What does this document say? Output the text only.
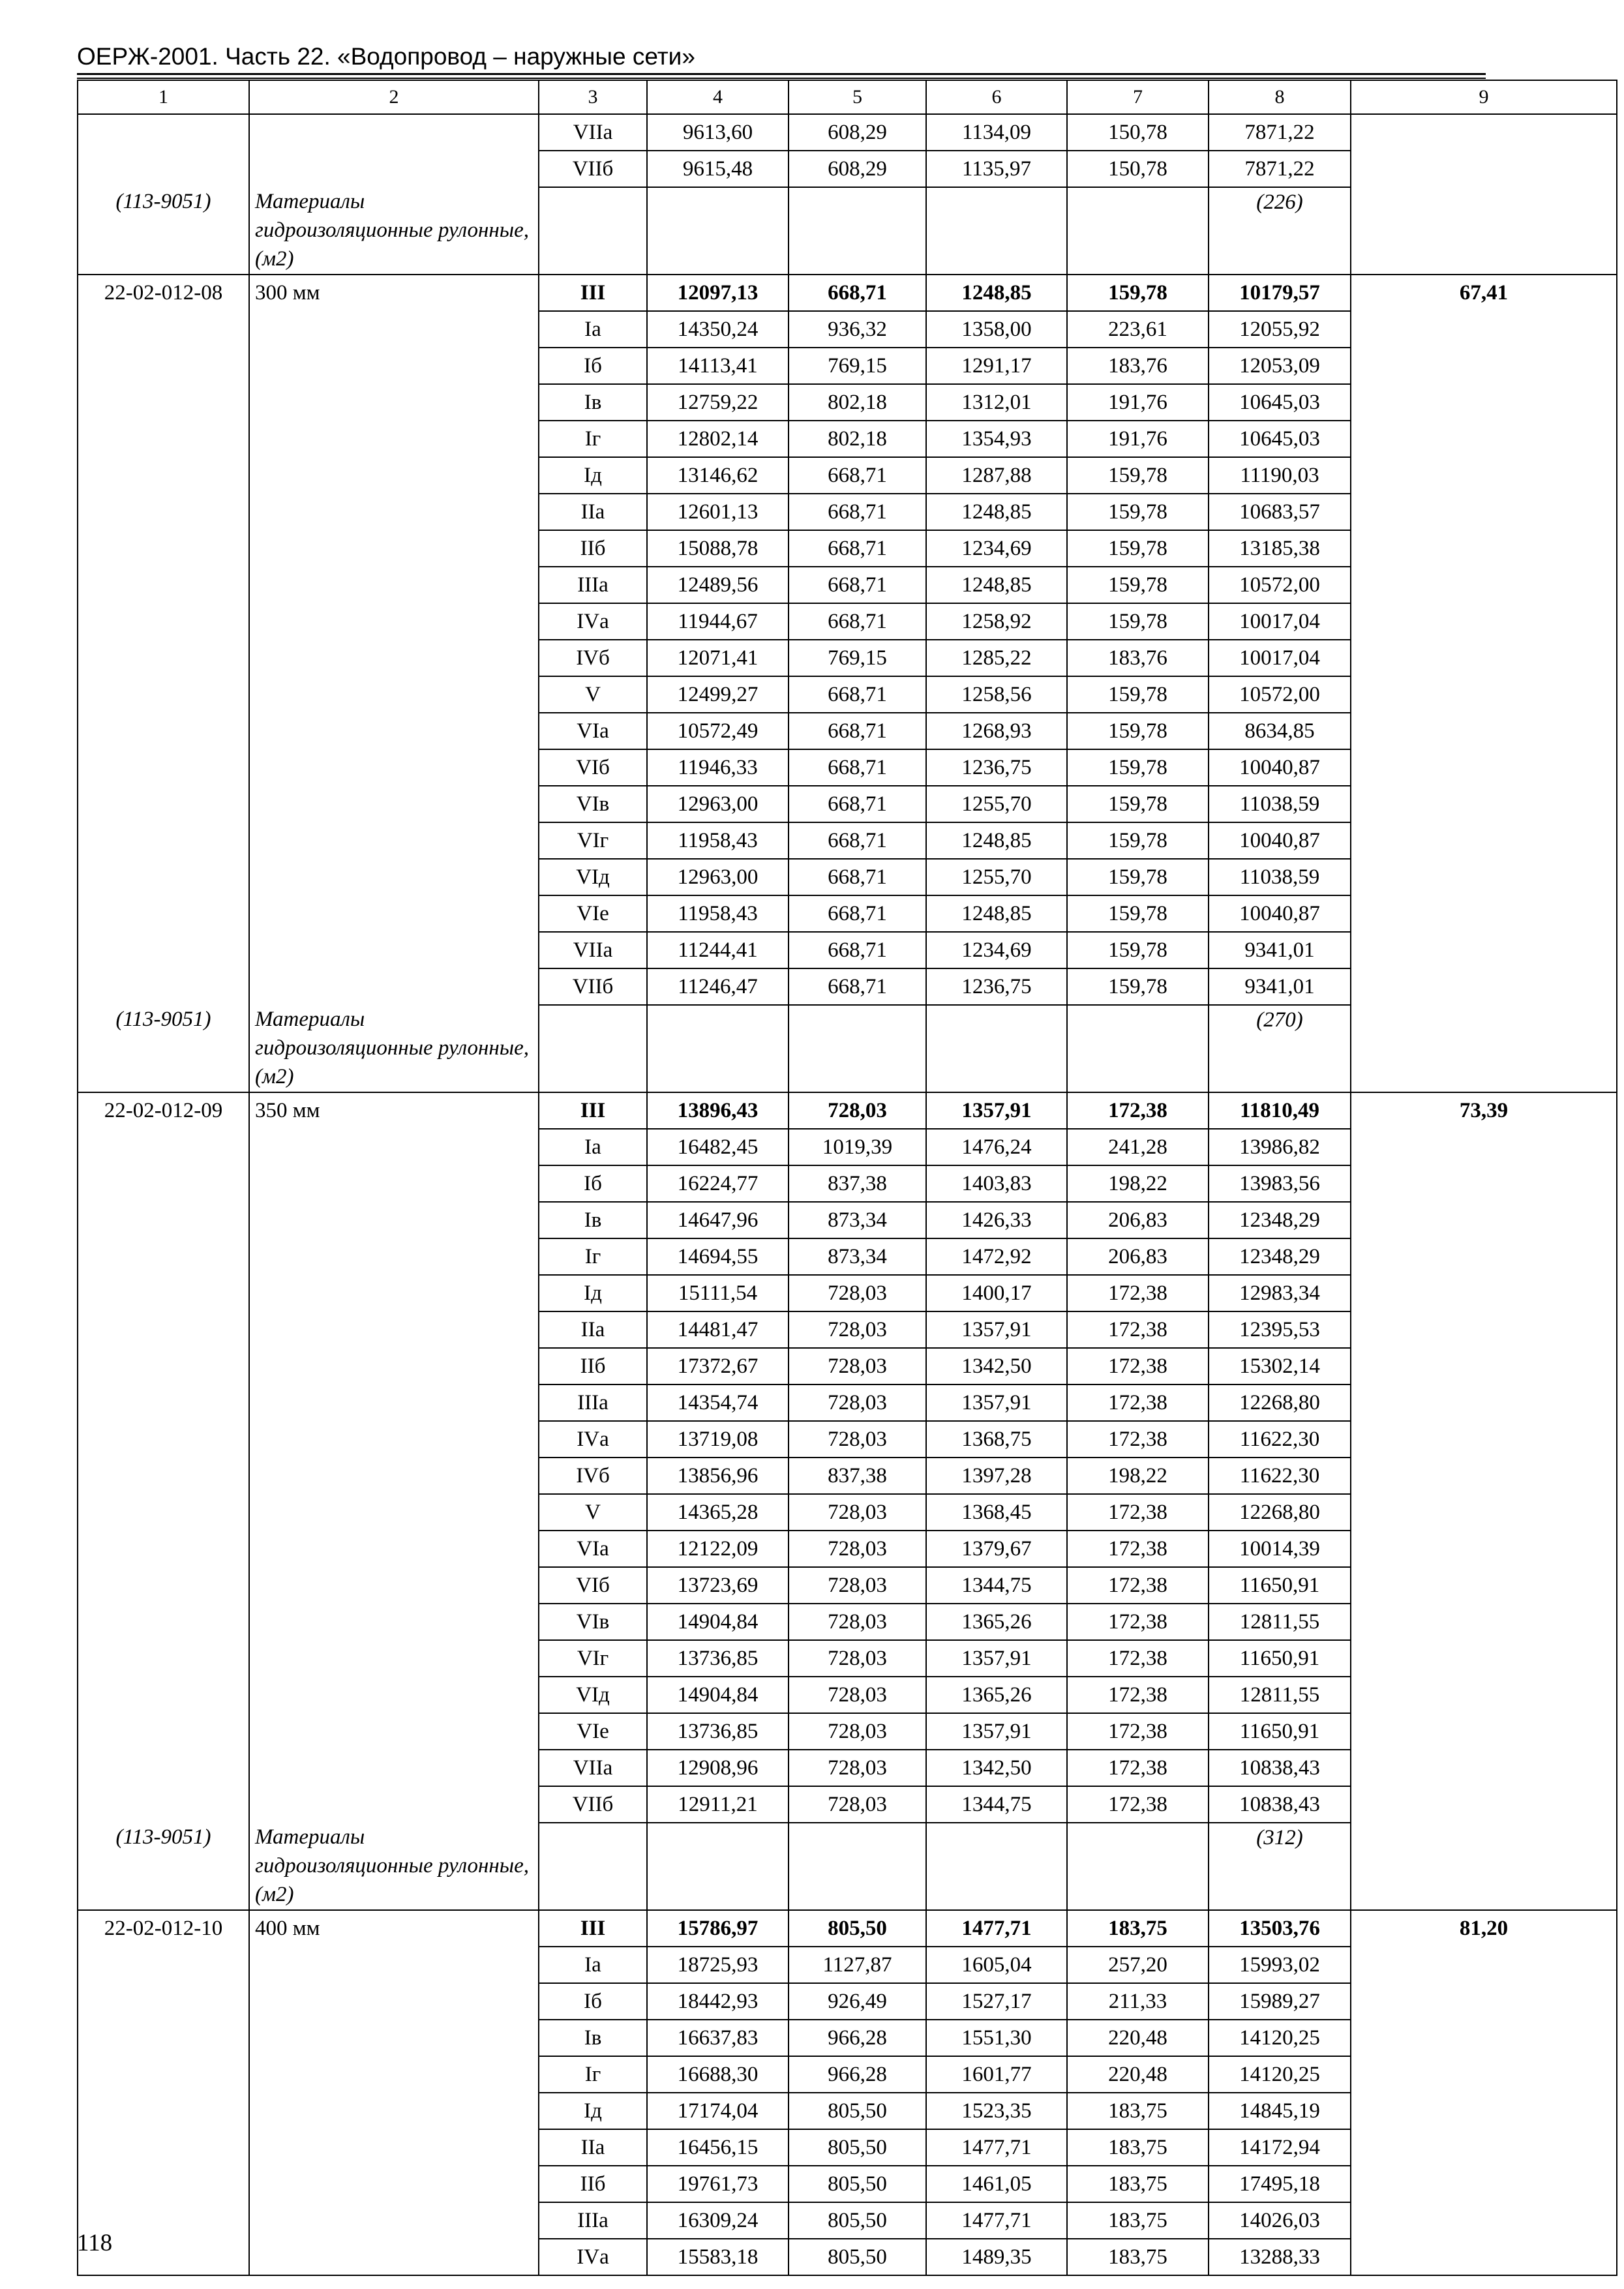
ОЕРЖ-2001. Часть 22. «Водопровод – наружные сети»
1	2	3	4	5	6	7	8	9
		VIIа	9613,60	608,29	1134,09	150,78	7871,22	
		VIIб	9615,48	608,29	1135,97	150,78	7871,22	
(113-9051)	Материалы гидроизоляционные рулонные, (м2)						(226)	
22-02-012-08	300 мм	III	12097,13	668,71	1248,85	159,78	10179,57	67,41
		Iа	14350,24	936,32	1358,00	223,61	12055,92	
		Iб	14113,41	769,15	1291,17	183,76	12053,09	
		Iв	12759,22	802,18	1312,01	191,76	10645,03	
		Iг	12802,14	802,18	1354,93	191,76	10645,03	
		Iд	13146,62	668,71	1287,88	159,78	11190,03	
		IIа	12601,13	668,71	1248,85	159,78	10683,57	
		IIб	15088,78	668,71	1234,69	159,78	13185,38	
		IIIа	12489,56	668,71	1248,85	159,78	10572,00	
		IVа	11944,67	668,71	1258,92	159,78	10017,04	
		IVб	12071,41	769,15	1285,22	183,76	10017,04	
		V	12499,27	668,71	1258,56	159,78	10572,00	
		VIа	10572,49	668,71	1268,93	159,78	8634,85	
		VIб	11946,33	668,71	1236,75	159,78	10040,87	
		VIв	12963,00	668,71	1255,70	159,78	11038,59	
		VIг	11958,43	668,71	1248,85	159,78	10040,87	
		VIд	12963,00	668,71	1255,70	159,78	11038,59	
		VIе	11958,43	668,71	1248,85	159,78	10040,87	
		VIIа	11244,41	668,71	1234,69	159,78	9341,01	
		VIIб	11246,47	668,71	1236,75	159,78	9341,01	
(113-9051)	Материалы гидроизоляционные рулонные, (м2)						(270)	
22-02-012-09	350 мм	III	13896,43	728,03	1357,91	172,38	11810,49	73,39
		Iа	16482,45	1019,39	1476,24	241,28	13986,82	
		Iб	16224,77	837,38	1403,83	198,22	13983,56	
		Iв	14647,96	873,34	1426,33	206,83	12348,29	
		Iг	14694,55	873,34	1472,92	206,83	12348,29	
		Iд	15111,54	728,03	1400,17	172,38	12983,34	
		IIа	14481,47	728,03	1357,91	172,38	12395,53	
		IIб	17372,67	728,03	1342,50	172,38	15302,14	
		IIIа	14354,74	728,03	1357,91	172,38	12268,80	
		IVа	13719,08	728,03	1368,75	172,38	11622,30	
		IVб	13856,96	837,38	1397,28	198,22	11622,30	
		V	14365,28	728,03	1368,45	172,38	12268,80	
		VIа	12122,09	728,03	1379,67	172,38	10014,39	
		VIб	13723,69	728,03	1344,75	172,38	11650,91	
		VIв	14904,84	728,03	1365,26	172,38	12811,55	
		VIг	13736,85	728,03	1357,91	172,38	11650,91	
		VIд	14904,84	728,03	1365,26	172,38	12811,55	
		VIе	13736,85	728,03	1357,91	172,38	11650,91	
		VIIа	12908,96	728,03	1342,50	172,38	10838,43	
		VIIб	12911,21	728,03	1344,75	172,38	10838,43	
(113-9051)	Материалы гидроизоляционные рулонные, (м2)						(312)	
22-02-012-10	400 мм	III	15786,97	805,50	1477,71	183,75	13503,76	81,20
		Iа	18725,93	1127,87	1605,04	257,20	15993,02	
		Iб	18442,93	926,49	1527,17	211,33	15989,27	
		Iв	16637,83	966,28	1551,30	220,48	14120,25	
		Iг	16688,30	966,28	1601,77	220,48	14120,25	
		Iд	17174,04	805,50	1523,35	183,75	14845,19	
		IIа	16456,15	805,50	1477,71	183,75	14172,94	
		IIб	19761,73	805,50	1461,05	183,75	17495,18	
		IIIа	16309,24	805,50	1477,71	183,75	14026,03	
		IVа	15583,18	805,50	1489,35	183,75	13288,33	
118
